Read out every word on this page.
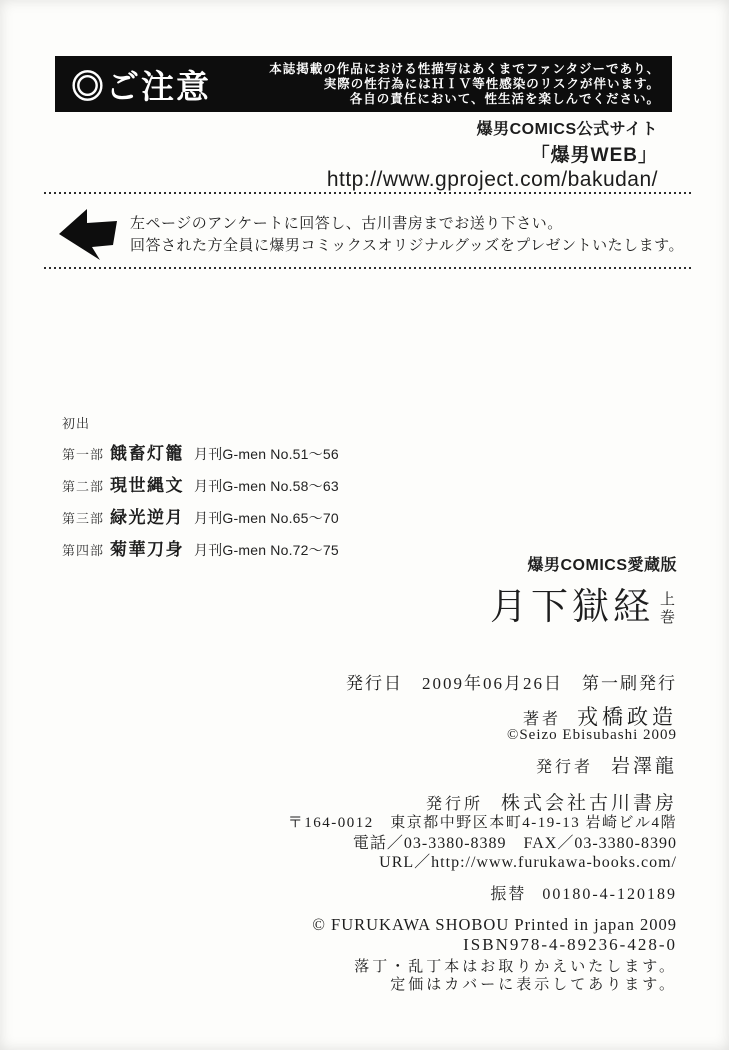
◎ご注意	本誌掲載の作品における性描写はあくまでファンタジーであり、
実際の性行為にはＨＩＶ等性感染のリスクが伴います。
各自の責任において、性生活を楽しんでください。
爆男COMICS公式サイト
「爆男WEB」
http://www.gproject.com/bakudan/
左ページのアンケートに回答し、古川書房までお送り下さい。
回答された方全員に爆男コミックスオリジナルグッズをプレゼントいたします。
初出
第一部 餓畜灯籠 月刊G-men No.51〜56
第二部 現世縄文 月刊G-men No.58〜63
第三部 緑光逆月 月刊G-men No.65〜70
第四部 菊華刀身 月刊G-men No.72〜75
爆男COMICS愛蔵版
月下獄経 上巻
発行日　2009年06月26日　第一刷発行
著者 戎橋政造
©Seizo Ebisubashi 2009
発行者 岩澤龍
発行所 株式会社古川書房
〒164-0012　東京都中野区本町4-19-13 岩崎ビル4階
電話／03-3380-8389　FAX／03-3380-8390
URL／http://www.furukawa-books.com/
振替 00180-4-120189
© FURUKAWA SHOBOU Printed in japan 2009
ISBN978-4-89236-428-0
落丁・乱丁本はお取りかえいたします。
定価はカバーに表示してあります。
